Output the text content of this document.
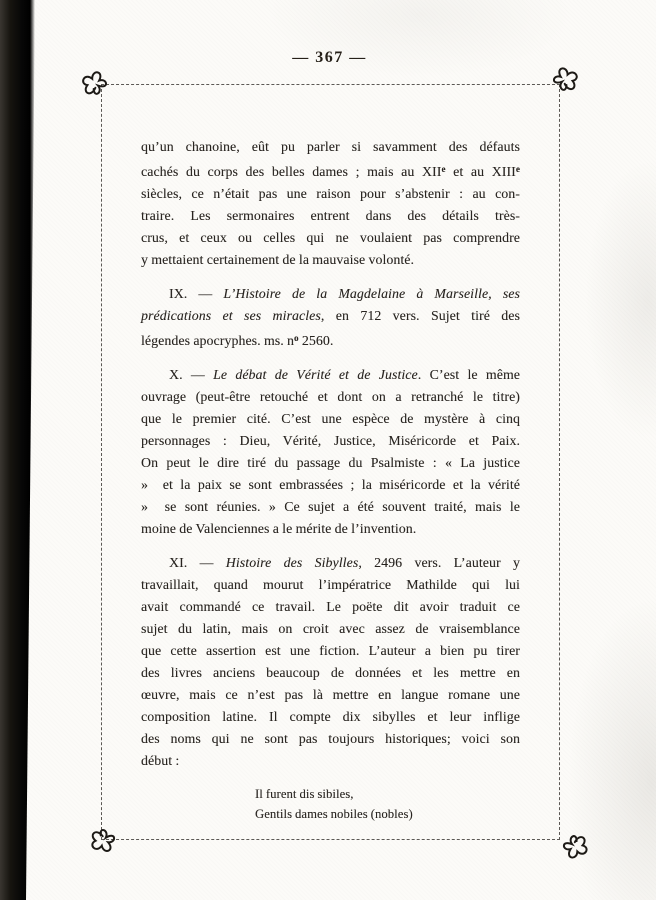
— 367 —
qu’un chanoine, eût pu parler si savamment des défauts
cachés du corps des belles dames ; mais au XIIe et au XIIIe
siècles, ce n’était pas une raison pour s’abstenir : au con-
traire. Les sermonaires entrent dans des détails très-
crus, et ceux ou celles qui ne voulaient pas comprendre
y mettaient certainement de la mauvaise volonté.
IX. — L’Histoire de la Magdelaine à Marseille, ses
prédications et ses miracles, en 712 vers. Sujet tiré des
légendes apocryphes. ms. $n^o$ 2560.
X. — Le débat de Vérité et de Justice. C’est le même
ouvrage (peut-être retouché et dont on a retranché le titre)
que le premier cité. C’est une espèce de mystère à cinq
personnages : Dieu, Vérité, Justice, Miséricorde et Paix.
On peut le dire tiré du passage du Psalmiste : « La justice
»  et la paix se sont embrassées ; la miséricorde et la vérité
»  se sont réunies. » Ce sujet a été souvent traité, mais le
moine de Valenciennes a le mérite de l’invention.
XI. — Histoire des Sibylles, 2496 vers. L’auteur y
travaillait, quand mourut l’impératrice Mathilde qui lui
avait commandé ce travail. Le poëte dit avoir traduit ce
sujet du latin, mais on croit avec assez de vraisemblance
que cette assertion est une fiction. L’auteur a bien pu tirer
des livres anciens beaucoup de données et les mettre en
œuvre, mais ce n’est pas là mettre en langue romane une
composition latine. Il compte dix sibylles et leur inflige
des noms qui ne sont pas toujours historiques; voici son
début :
Il furent dis sibiles,
Gentils dames nobiles (nobles)
